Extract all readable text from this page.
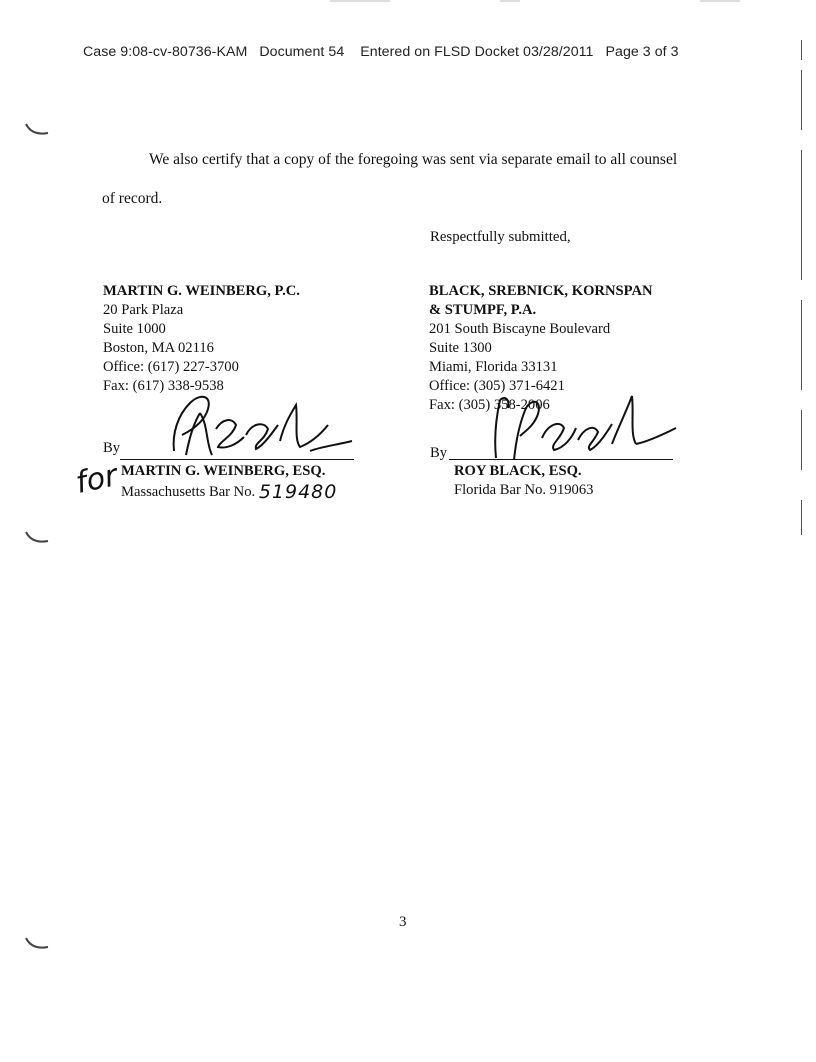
Case 9:08-cv-80736-KAM Document 54 Entered on FLSD Docket 03/28/2011 Page 3 of 3
We also certify that a copy of the foregoing was sent via separate email to all counsel
of record.
Respectfully submitted,
MARTIN G. WEINBERG, P.C.
20 Park Plaza
Suite 1000
Boston, MA 02116
Office: (617) 227-3700
Fax: (617) 338-9538
By
for MARTIN G. WEINBERG, ESQ.
Massachusetts Bar No. 519480
BLACK, SREBNICK, KORNSPAN
& STUMPF, P.A.
201 South Biscayne Boulevard
Suite 1300
Miami, Florida 33131
Office: (305) 371-6421
Fax: (305) 358-2006
By
ROY BLACK, ESQ.
Florida Bar No. 919063
3
